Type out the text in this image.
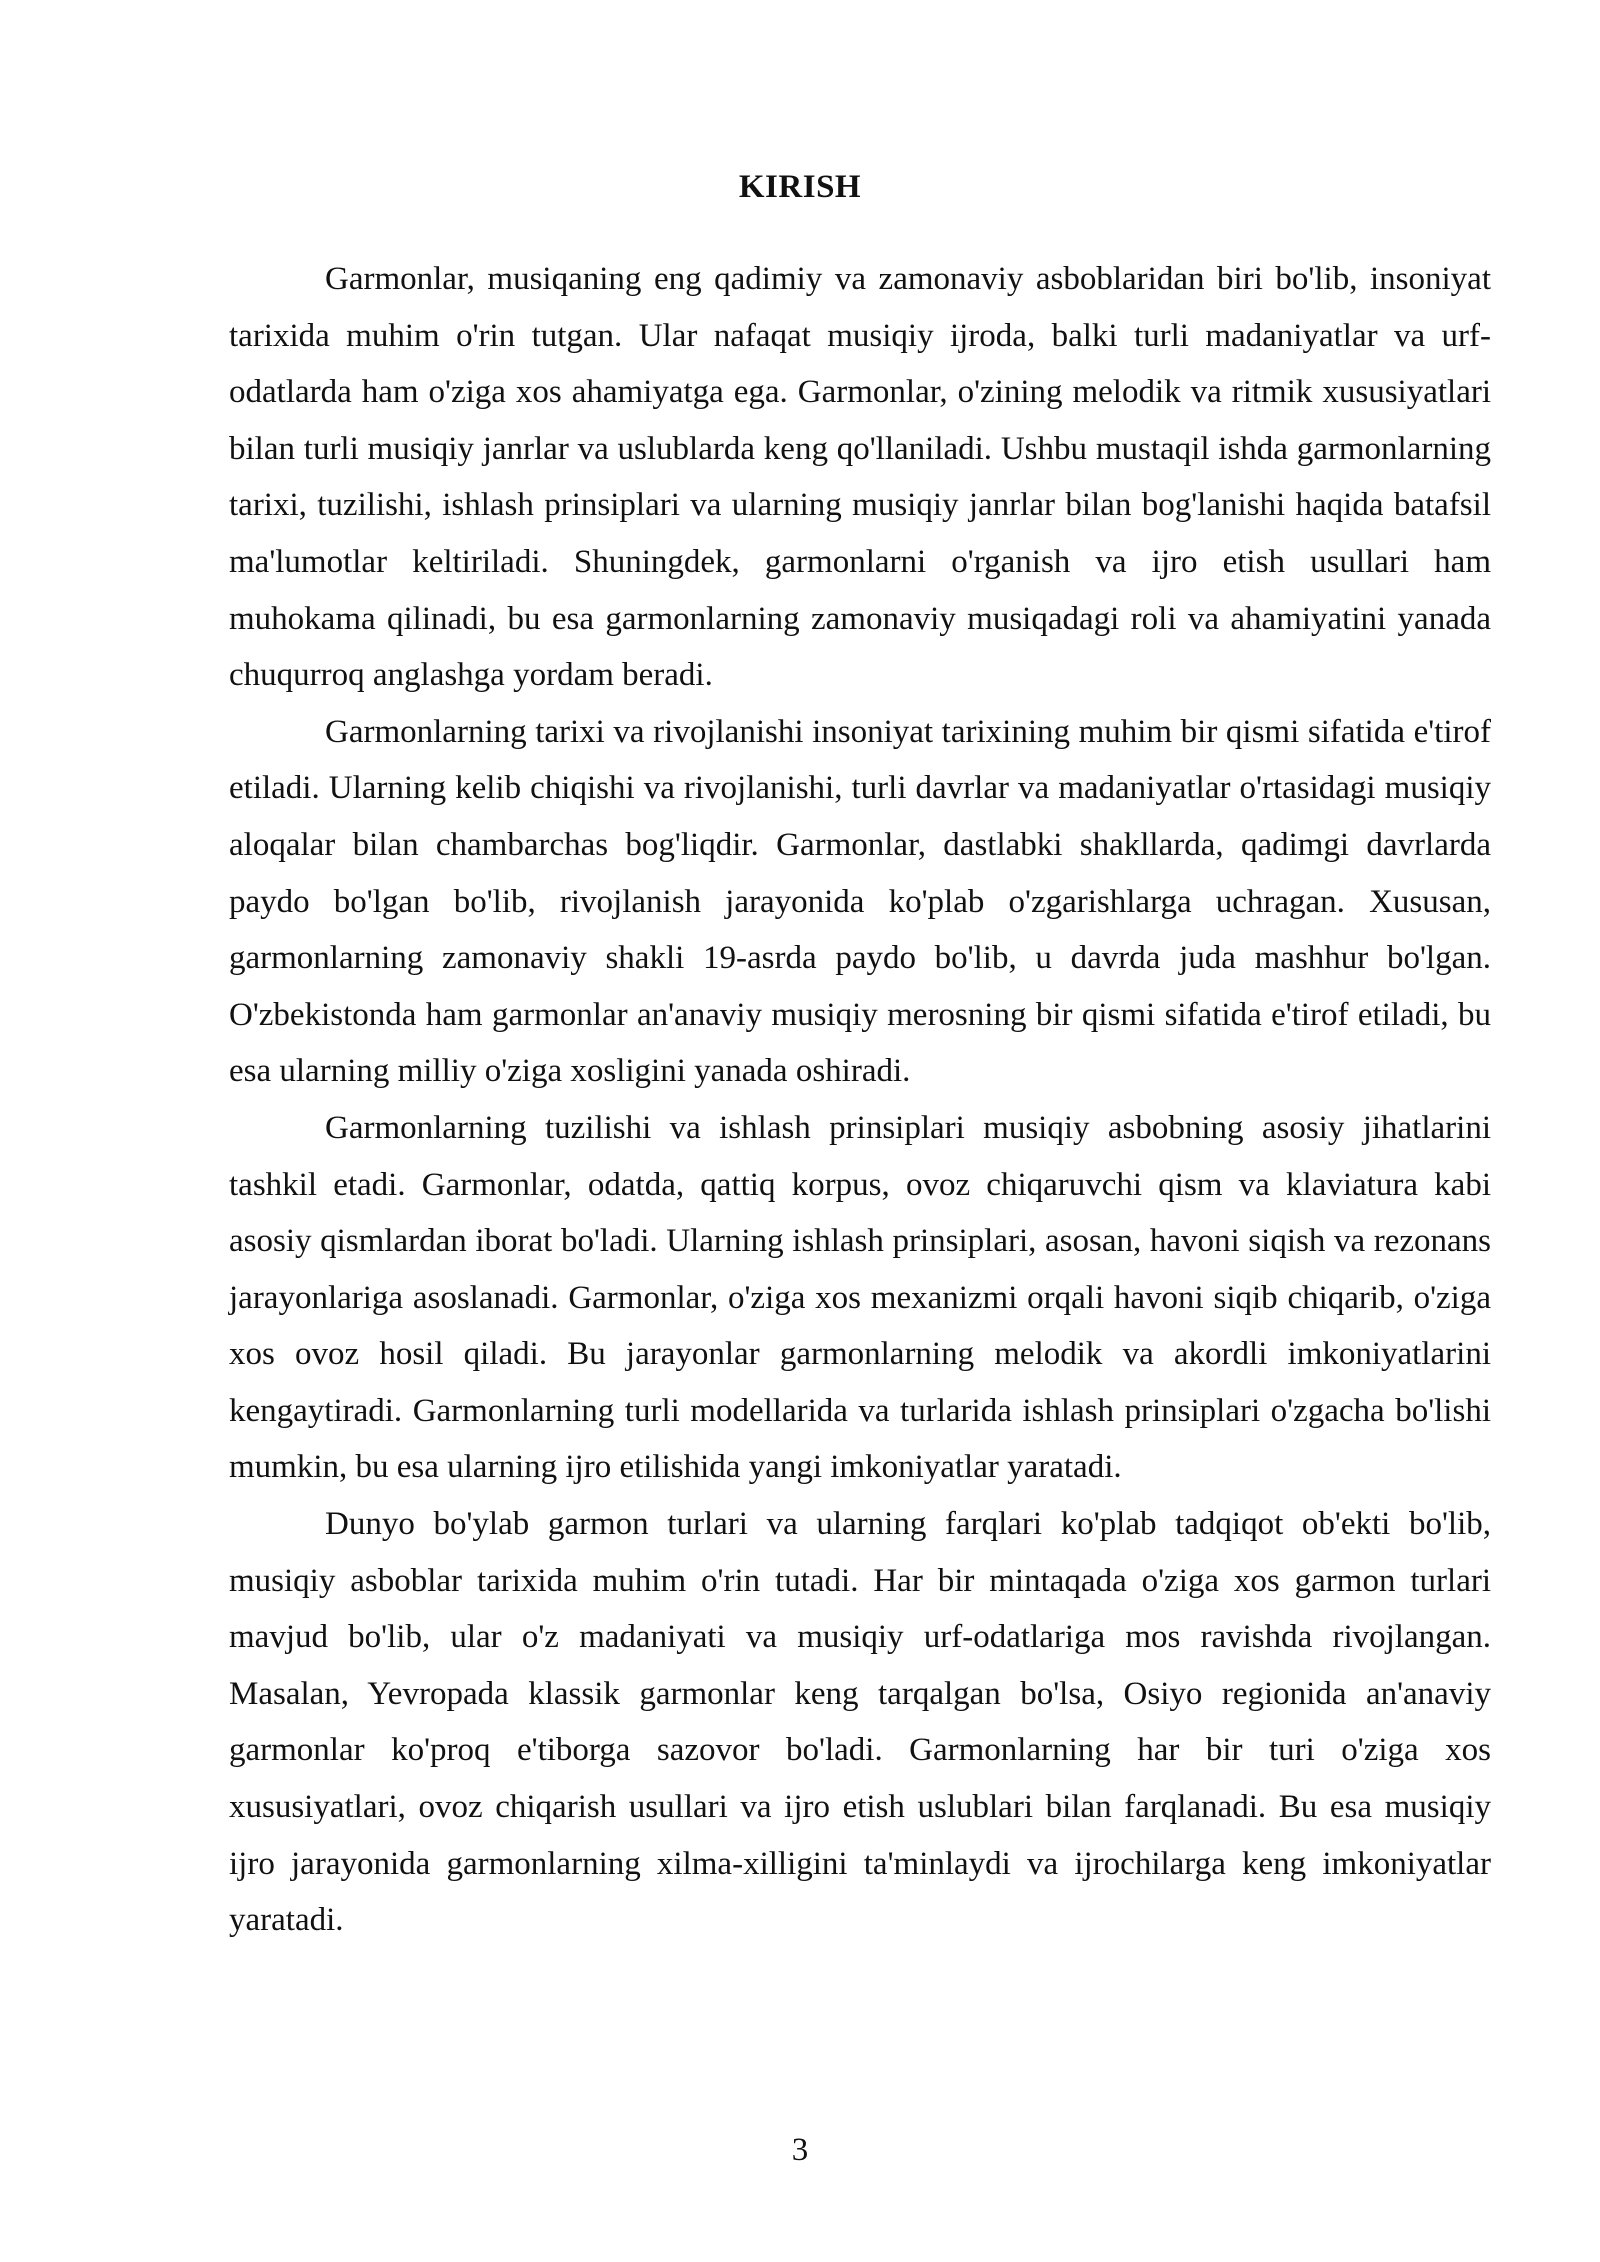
KIRISH

Garmonlar, musiqaning eng qadimiy va zamonaviy asboblaridan biri bo'lib, insoniyat tarixida muhim o'rin tutgan. Ular nafaqat musiqiy ijroda, balki turli madaniyatlar va urf-odatlarda ham o'ziga xos ahamiyatga ega. Garmonlar, o'zining melodik va ritmik xususiyatlari bilan turli musiqiy janrlar va uslublarda keng qo'llaniladi. Ushbu mustaqil ishda garmonlarning tarixi, tuzilishi, ishlash prinsiplari va ularning musiqiy janrlar bilan bog'lanishi haqida batafsil ma'lumotlar keltiriladi. Shuningdek, garmonlarni o'rganish va ijro etish usullari ham muhokama qilinadi, bu esa garmonlarning zamonaviy musiqadagi roli va ahamiyatini yanada chuqurroq anglashga yordam beradi.

Garmonlarning tarixi va rivojlanishi insoniyat tarixining muhim bir qismi sifatida e'tirof etiladi. Ularning kelib chiqishi va rivojlanishi, turli davrlar va madaniyatlar o'rtasidagi musiqiy aloqalar bilan chambarchas bog'liqdir. Garmonlar, dastlabki shakllarda, qadimgi davrlarda paydo bo'lgan bo'lib, rivojlanish jarayonida ko'plab o'zgarishlarga uchragan. Xususan, garmonlarning zamonaviy shakli 19-asrda paydo bo'lib, u davrda juda mashhur bo'lgan. O'zbekistonda ham garmonlar an'anaviy musiqiy merosning bir qismi sifatida e'tirof etiladi, bu esa ularning milliy o'ziga xosligini yanada oshiradi.

Garmonlarning tuzilishi va ishlash prinsiplari musiqiy asbobning asosiy jihatlarini tashkil etadi. Garmonlar, odatda, qattiq korpus, ovoz chiqaruvchi qism va klaviatura kabi asosiy qismlardan iborat bo'ladi. Ularning ishlash prinsiplari, asosan, havoni siqish va rezonans jarayonlariga asoslanadi. Garmonlar, o'ziga xos mexanizmi orqali havoni siqib chiqarib, o'ziga xos ovoz hosil qiladi. Bu jarayonlar garmonlarning melodik va akordli imkoniyatlarini kengaytiradi. Garmonlarning turli modellarida va turlarida ishlash prinsiplari o'zgacha bo'lishi mumkin, bu esa ularning ijro etilishida yangi imkoniyatlar yaratadi.

Dunyo bo'ylab garmon turlari va ularning farqlari ko'plab tadqiqot ob'ekti bo'lib, musiqiy asboblar tarixida muhim o'rin tutadi. Har bir mintaqada o'ziga xos garmon turlari mavjud bo'lib, ular o'z madaniyati va musiqiy urf-odatlariga mos ravishda rivojlangan. Masalan, Yevropada klassik garmonlar keng tarqalgan bo'lsa, Osiyo regionida an'anaviy garmonlar ko'proq e'tiborga sazovor bo'ladi. Garmonlarning har bir turi o'ziga xos xususiyatlari, ovoz chiqarish usullari va ijro etish uslublari bilan farqlanadi. Bu esa musiqiy ijro jarayonida garmonlarning xilma-xilligini ta'minlaydi va ijrochilarga keng imkoniyatlar yaratadi.

3
